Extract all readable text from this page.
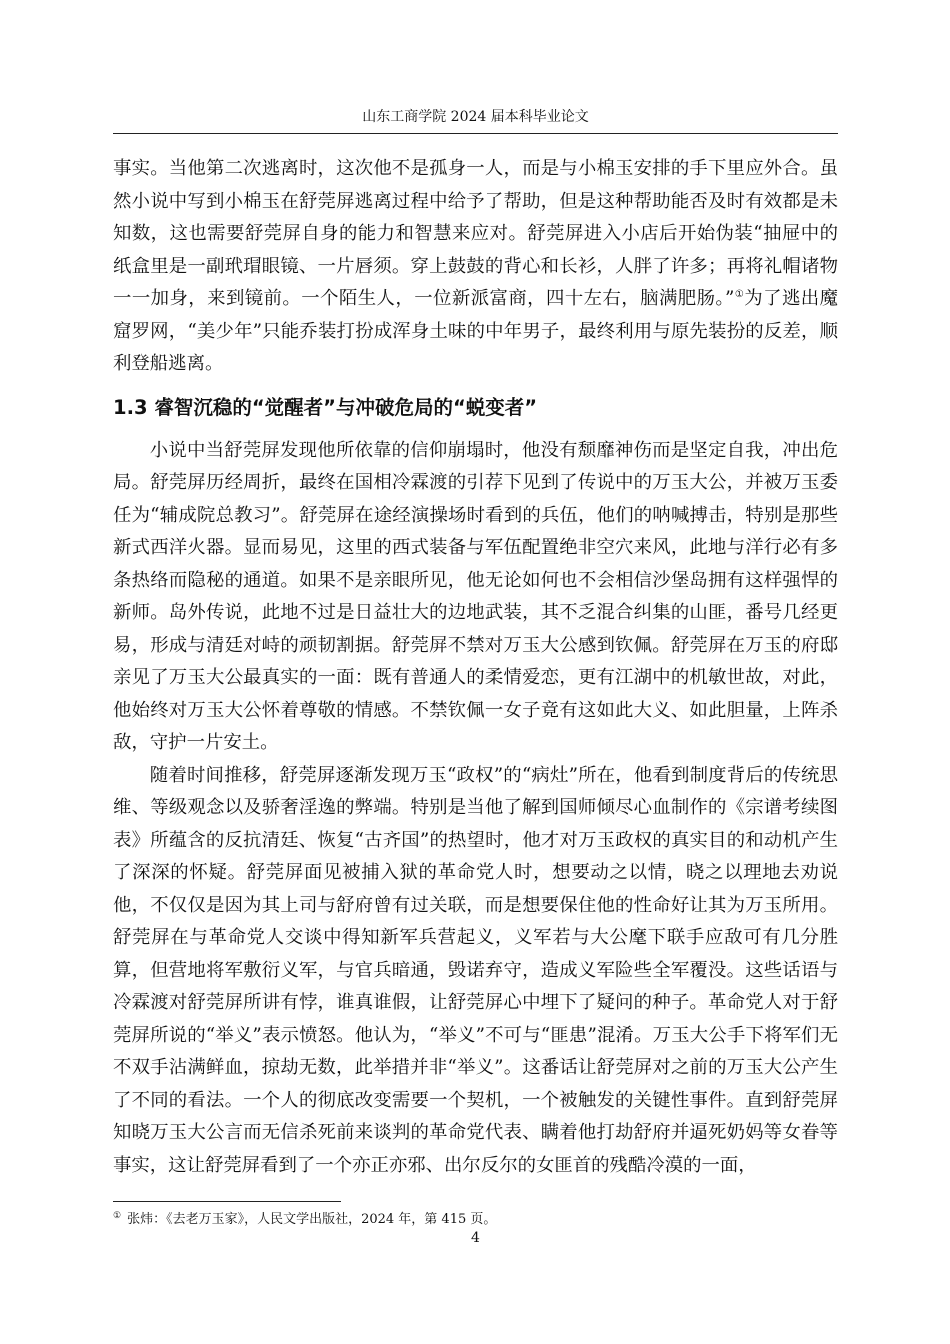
山东工商学院 2024 届本科毕业论文

事实。当他第二次逃离时，这次他不是孤身一人，而是与小棉玉安排的手下里应外合。虽然小说中写到小棉玉在舒莞屏逃离过程中给予了帮助，但是这种帮助能否及时有效都是未知数，这也需要舒莞屏自身的能力和智慧来应对。舒莞屏进入小店后开始伪装“抽屉中的纸盒里是一副玳瑁眼镜、一片唇须。穿上鼓鼓的背心和长衫，人胖了许多；再将礼帽诸物一一加身，来到镜前。一个陌生人，一位新派富商，四十左右，脑满肥肠。”①为了逃出魔窟罗网，“美少年”只能乔装打扮成浑身土味的中年男子，最终利用与原先装扮的反差，顺利登船逃离。

1.3 睿智沉稳的“觉醒者”与冲破危局的“蜕变者”

小说中当舒莞屏发现他所依靠的信仰崩塌时，他没有颓靡神伤而是坚定自我，冲出危局。舒莞屏历经周折，最终在国相冷霖渡的引荐下见到了传说中的万玉大公，并被万玉委任为“辅成院总教习”。舒莞屏在途经演操场时看到的兵伍，他们的呐喊搏击，特别是那些新式西洋火器。显而易见，这里的西式装备与军伍配置绝非空穴来风，此地与洋行必有多条热络而隐秘的通道。如果不是亲眼所见，他无论如何也不会相信沙堡岛拥有这样强悍的新师。岛外传说，此地不过是日益壮大的边地武装，其不乏混合纠集的山匪，番号几经更易，形成与清廷对峙的顽韧割据。舒莞屏不禁对万玉大公感到钦佩。舒莞屏在万玉的府邸亲见了万玉大公最真实的一面：既有普通人的柔情爱恋，更有江湖中的机敏世故，对此，他始终对万玉大公怀着尊敬的情感。不禁钦佩一女子竟有这如此大义、如此胆量，上阵杀敌，守护一片安土。

随着时间推移，舒莞屏逐渐发现万玉“政权”的“病灶”所在，他看到制度背后的传统思维、等级观念以及骄奢淫逸的弊端。特别是当他了解到国师倾尽心血制作的《宗谱考续图表》所蕴含的反抗清廷、恢复“古齐国”的热望时，他才对万玉政权的真实目的和动机产生了深深的怀疑。舒莞屏面见被捕入狱的革命党人时，想要动之以情，晓之以理地去劝说他，不仅仅是因为其上司与舒府曾有过关联，而是想要保住他的性命好让其为万玉所用。舒莞屏在与革命党人交谈中得知新军兵营起义，义军若与大公麾下联手应敌可有几分胜算，但营地将军敷衍义军，与官兵暗通，毁诺弃守，造成义军险些全军覆没。这些话语与冷霖渡对舒莞屏所讲有悖，谁真谁假，让舒莞屏心中埋下了疑问的种子。革命党人对于舒莞屏所说的“举义”表示愤怒。他认为，“举义”不可与“匪患”混淆。万玉大公手下将军们无不双手沾满鲜血，掠劫无数，此举措并非“举义”。这番话让舒莞屏对之前的万玉大公产生了不同的看法。一个人的彻底改变需要一个契机，一个被触发的关键性事件。直到舒莞屏知晓万玉大公言而无信杀死前来谈判的革命党代表、瞒着他打劫舒府并逼死奶妈等女眷等事实，这让舒莞屏看到了一个亦正亦邪、出尔反尔的女匪首的残酷冷漠的一面，

① 张炜：《去老万玉家》，人民文学出版社，2024 年，第 415 页。
4
